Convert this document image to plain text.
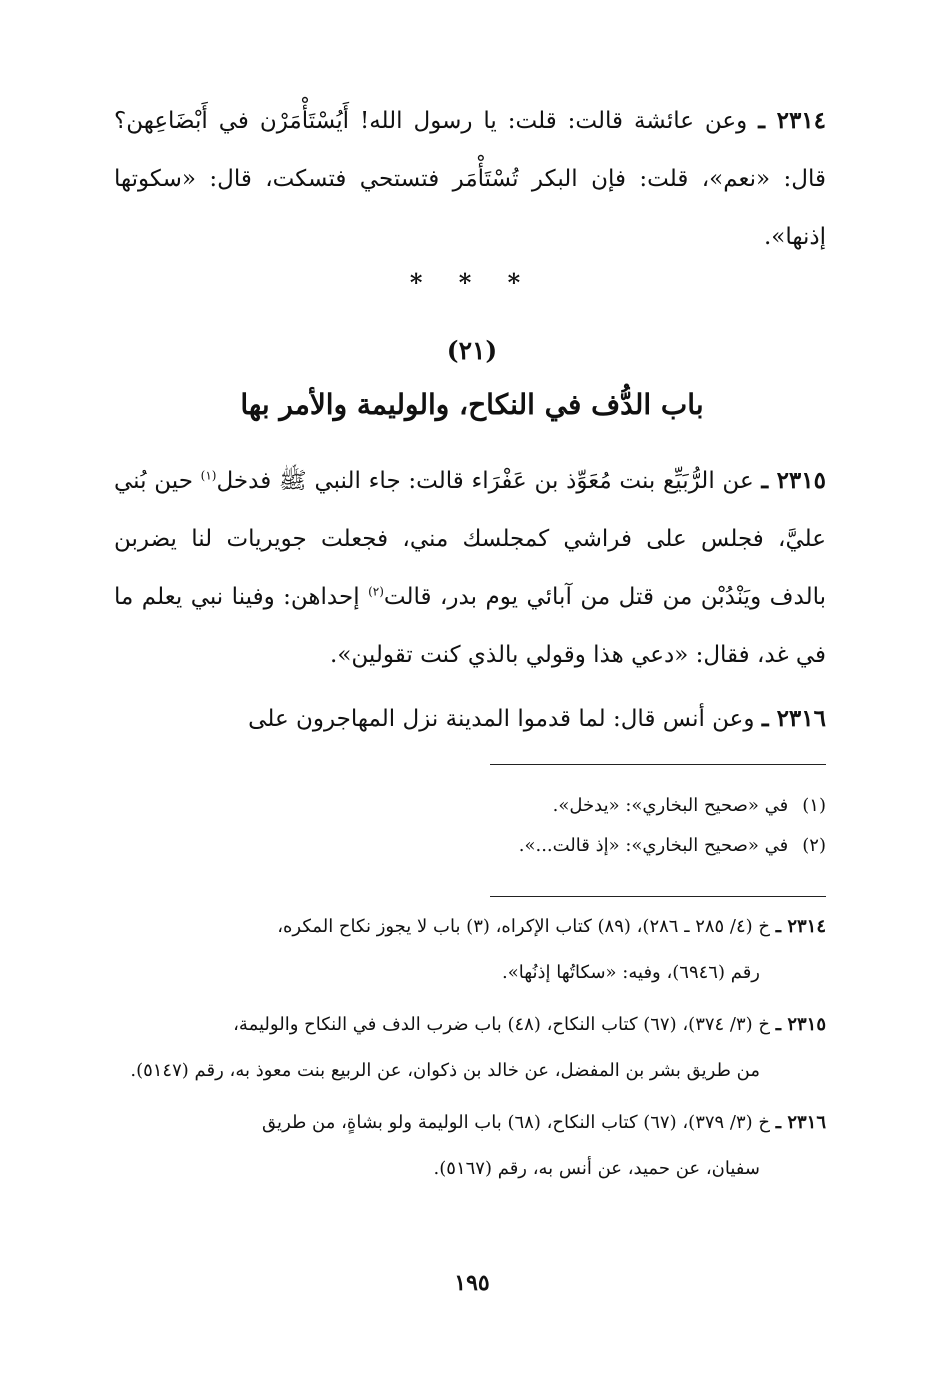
٢٣١٤ ـ وعن عائشة قالت: قلت: يا رسول الله! أَيُسْتَأْمَرْن في أَبْضَاعِهن؟ قال: «نعم»، قلت: فإن البكر تُسْتَأْمَر فتستحي فتسكت، قال: «سكوتها إذنها».
* * *
(٢١)
باب الدُّف في النكاح، والوليمة والأمر بها
٢٣١٥ ـ عن الرُّبَيِّع بنت مُعَوِّذ بن عَفْرَاء قالت: جاء النبي ﷺ فدخل$^{(١)}$ حين بُني عليَّ، فجلس على فراشي كمجلسك مني، فجعلت جويريات لنا يضربن بالدف ويَنْدُبْن من قتل من آبائي يوم بدر، قالت$^{(٢)}$ إحداهن: وفينا نبي يعلم ما في غد، فقال: «دعي هذا وقولي بالذي كنت تقولين».
٢٣١٦ ـ وعن أنس قال: لما قدموا المدينة نزل المهاجرون على
(١)في «صحيح البخاري»: «يدخل».
(٢)في «صحيح البخاري»: «إذ قالت...».
٢٣١٤ ـ خ (٤/ ٢٨٥ ـ ٢٨٦)، (٨٩) كتاب الإكراه، (٣) باب لا يجوز نكاح المكره،
رقم (٦٩٤٦)، وفيه: «سكاتُها إذنُها».
٢٣١٥ ـ خ (٣/ ٣٧٤)، (٦٧) كتاب النكاح، (٤٨) باب ضرب الدف في النكاح والوليمة،
من طريق بشر بن المفضل، عن خالد بن ذكوان، عن الربيع بنت معوذ به، رقم (٥١٤٧).
٢٣١٦ ـ خ (٣/ ٣٧٩)، (٦٧) كتاب النكاح، (٦٨) باب الوليمة ولو بشاةٍ، من طريق
سفيان، عن حميد، عن أنس به، رقم (٥١٦٧).
١٩٥
